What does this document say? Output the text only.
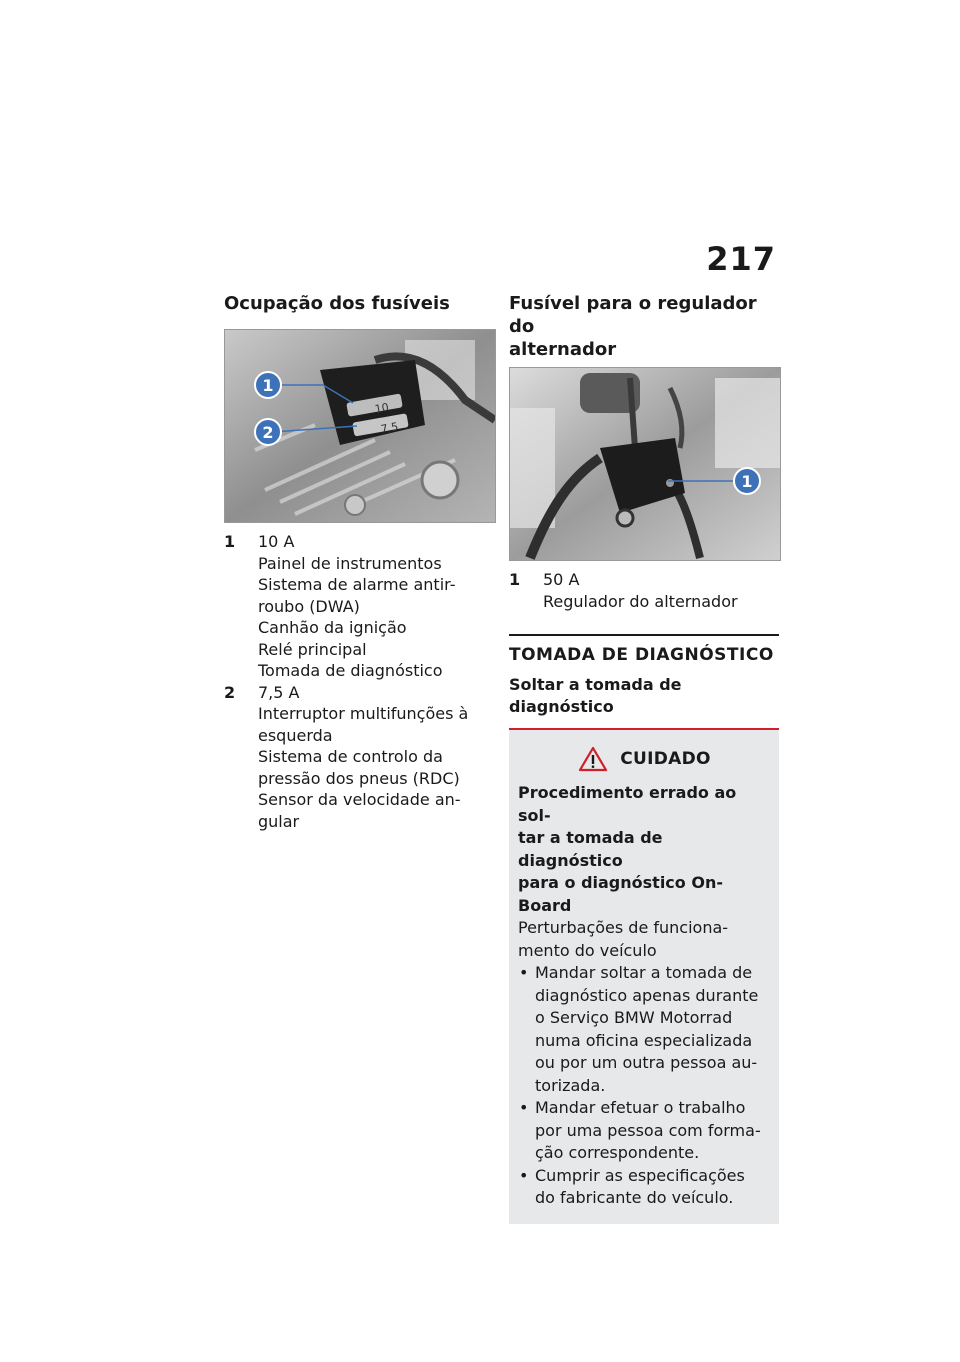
217
Ocupação dos fusíveis
10
7,5
1
2
1	10 A
Painel de instrumentos
Sistema de alarme antir-
roubo (DWA)
Canhão da ignição
Relé principal
Tomada de diagnóstico
2	7,5 A
Interruptor multifunções à
esquerda
Sistema de controlo da
pressão dos pneus (RDC)
Sensor da velocidade an-
gular
Fusível para o regulador do
alternador
1
1	50 A
Regulador do alternador
TOMADA DE DIAGNÓSTICO
Soltar a tomada de
diagnóstico
CUIDADO
Procedimento errado ao sol-
tar a tomada de diagnóstico
para o diagnóstico On-Board
Perturbações de funciona-
mento do veículo
• Mandar soltar a tomada de
diagnóstico apenas durante
o Serviço BMW Motorrad
numa oficina especializada
ou por um outra pessoa au-
torizada.
• Mandar efetuar o trabalho
por uma pessoa com forma-
ção correspondente.
• Cumprir as especificações
do fabricante do veículo.
